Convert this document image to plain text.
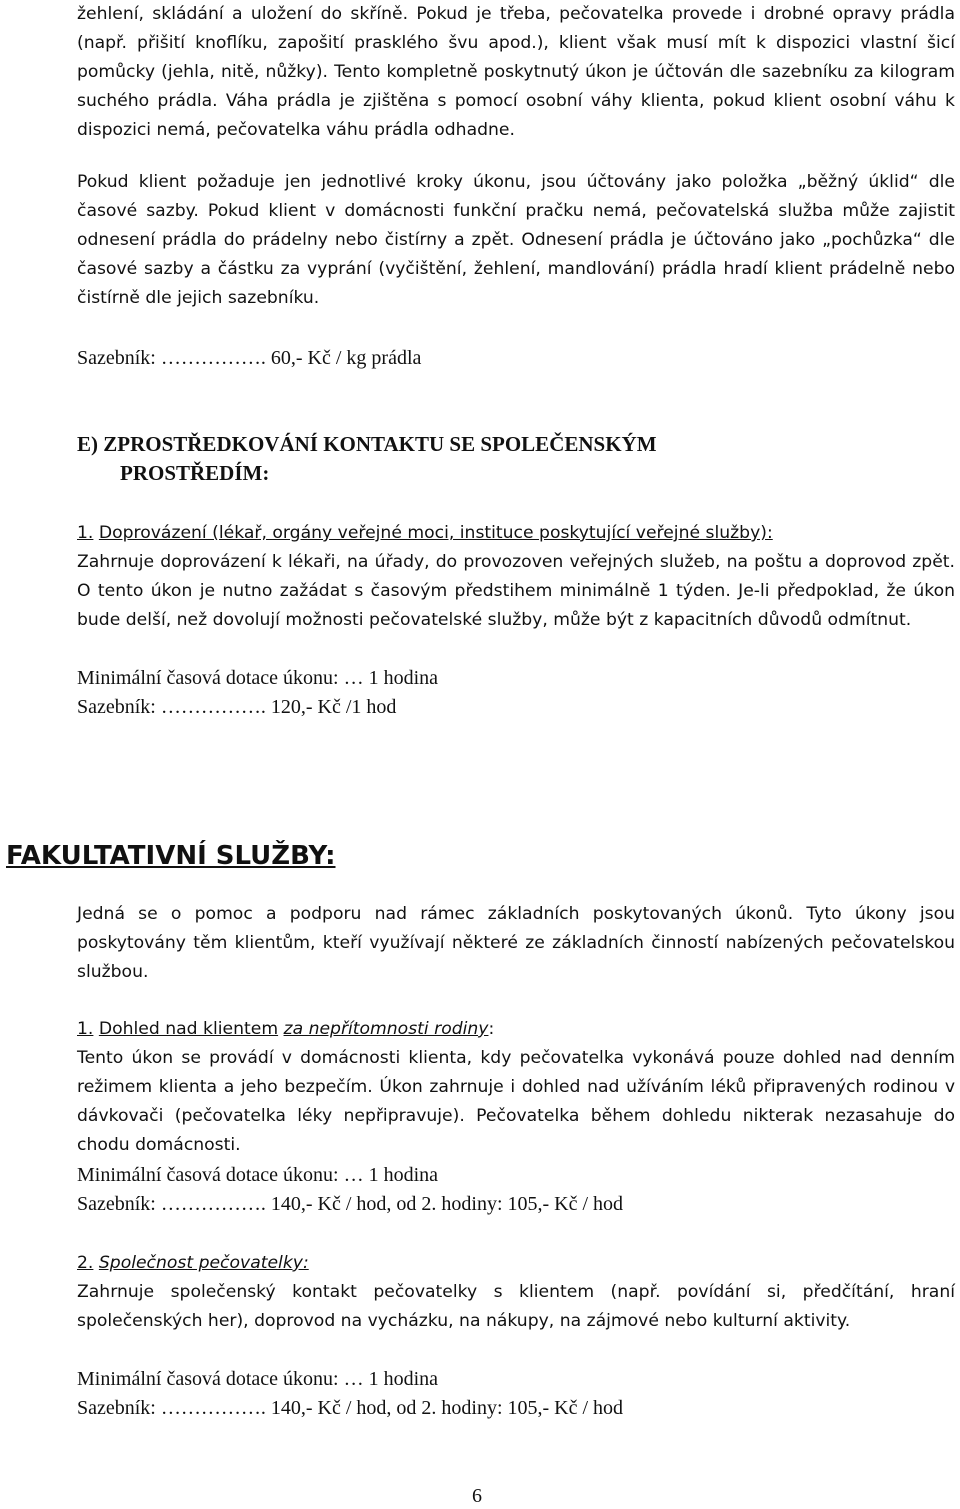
žehlení, skládání a uložení do skříně. Pokud je třeba, pečovatelka provede i drobné opravy prádla (např. přišití knoflíku, zapošití prasklého švu apod.), klient však musí mít k dispozici vlastní šicí pomůcky (jehla, nitě, nůžky). Tento kompletně poskytnutý úkon je účtován dle sazebníku za kilogram suchého prádla. Váha prádla je zjištěna s pomocí osobní váhy klienta, pokud klient osobní váhu k dispozici nemá, pečovatelka váhu prádla odhadne.

Pokud klient požaduje jen jednotlivé kroky úkonu, jsou účtovány jako položka „běžný úklid“ dle časové sazby. Pokud klient v domácnosti funkční pračku nemá, pečovatelská služba může zajistit odnesení prádla do prádelny nebo čistírny a zpět. Odnesení prádla je účtováno jako „pochůzka“ dle časové sazby a částku za vyprání (vyčištění, žehlení, mandlování) prádla hradí klient prádelně nebo čistírně dle jejich sazebníku.

Sazebník: ……………. 60,- Kč / kg prádla

E) ZPROSTŘEDKOVÁNÍ KONTAKTU SE SPOLEČENSKÝM
PROSTŘEDÍM:

1. Doprovázení (lékař, orgány veřejné moci, instituce poskytující veřejné služby):

Zahrnuje doprovázení k lékaři, na úřady, do provozoven veřejných služeb, na poštu a doprovod zpět. O tento úkon je nutno zažádat s časovým předstihem minimálně 1 týden. Je-li předpoklad, že úkon bude delší, než dovolují možnosti pečovatelské služby, může být z kapacitních důvodů odmítnut.

Minimální časová dotace úkonu: … 1 hodina

Sazebník: ……………. 120,- Kč /1 hod

FAKULTATIVNÍ SLUŽBY:

Jedná se o pomoc a podporu nad rámec základních poskytovaných úkonů. Tyto úkony jsou poskytovány těm klientům, kteří využívají některé ze základních činností nabízených pečovatelskou službou.

1. Dohled nad klientem za nepřítomnosti rodiny:

Tento úkon se provádí v domácnosti klienta, kdy pečovatelka vykonává pouze dohled nad denním režimem klienta a jeho bezpečím. Úkon zahrnuje i dohled nad užíváním léků připravených rodinou v dávkovači (pečovatelka léky nepřipravuje). Pečovatelka během dohledu nikterak nezasahuje do chodu domácnosti.

Minimální časová dotace úkonu: … 1 hodina

Sazebník: ……………. 140,- Kč / hod, od 2. hodiny: 105,- Kč / hod

2. Společnost pečovatelky:

Zahrnuje společenský kontakt pečovatelky s klientem (např. povídání si, předčítání, hraní společenských her), doprovod na vycházku, na nákupy, na zájmové nebo kulturní aktivity.

Minimální časová dotace úkonu: … 1 hodina

Sazebník: ……………. 140,- Kč / hod, od 2. hodiny: 105,- Kč / hod

6
